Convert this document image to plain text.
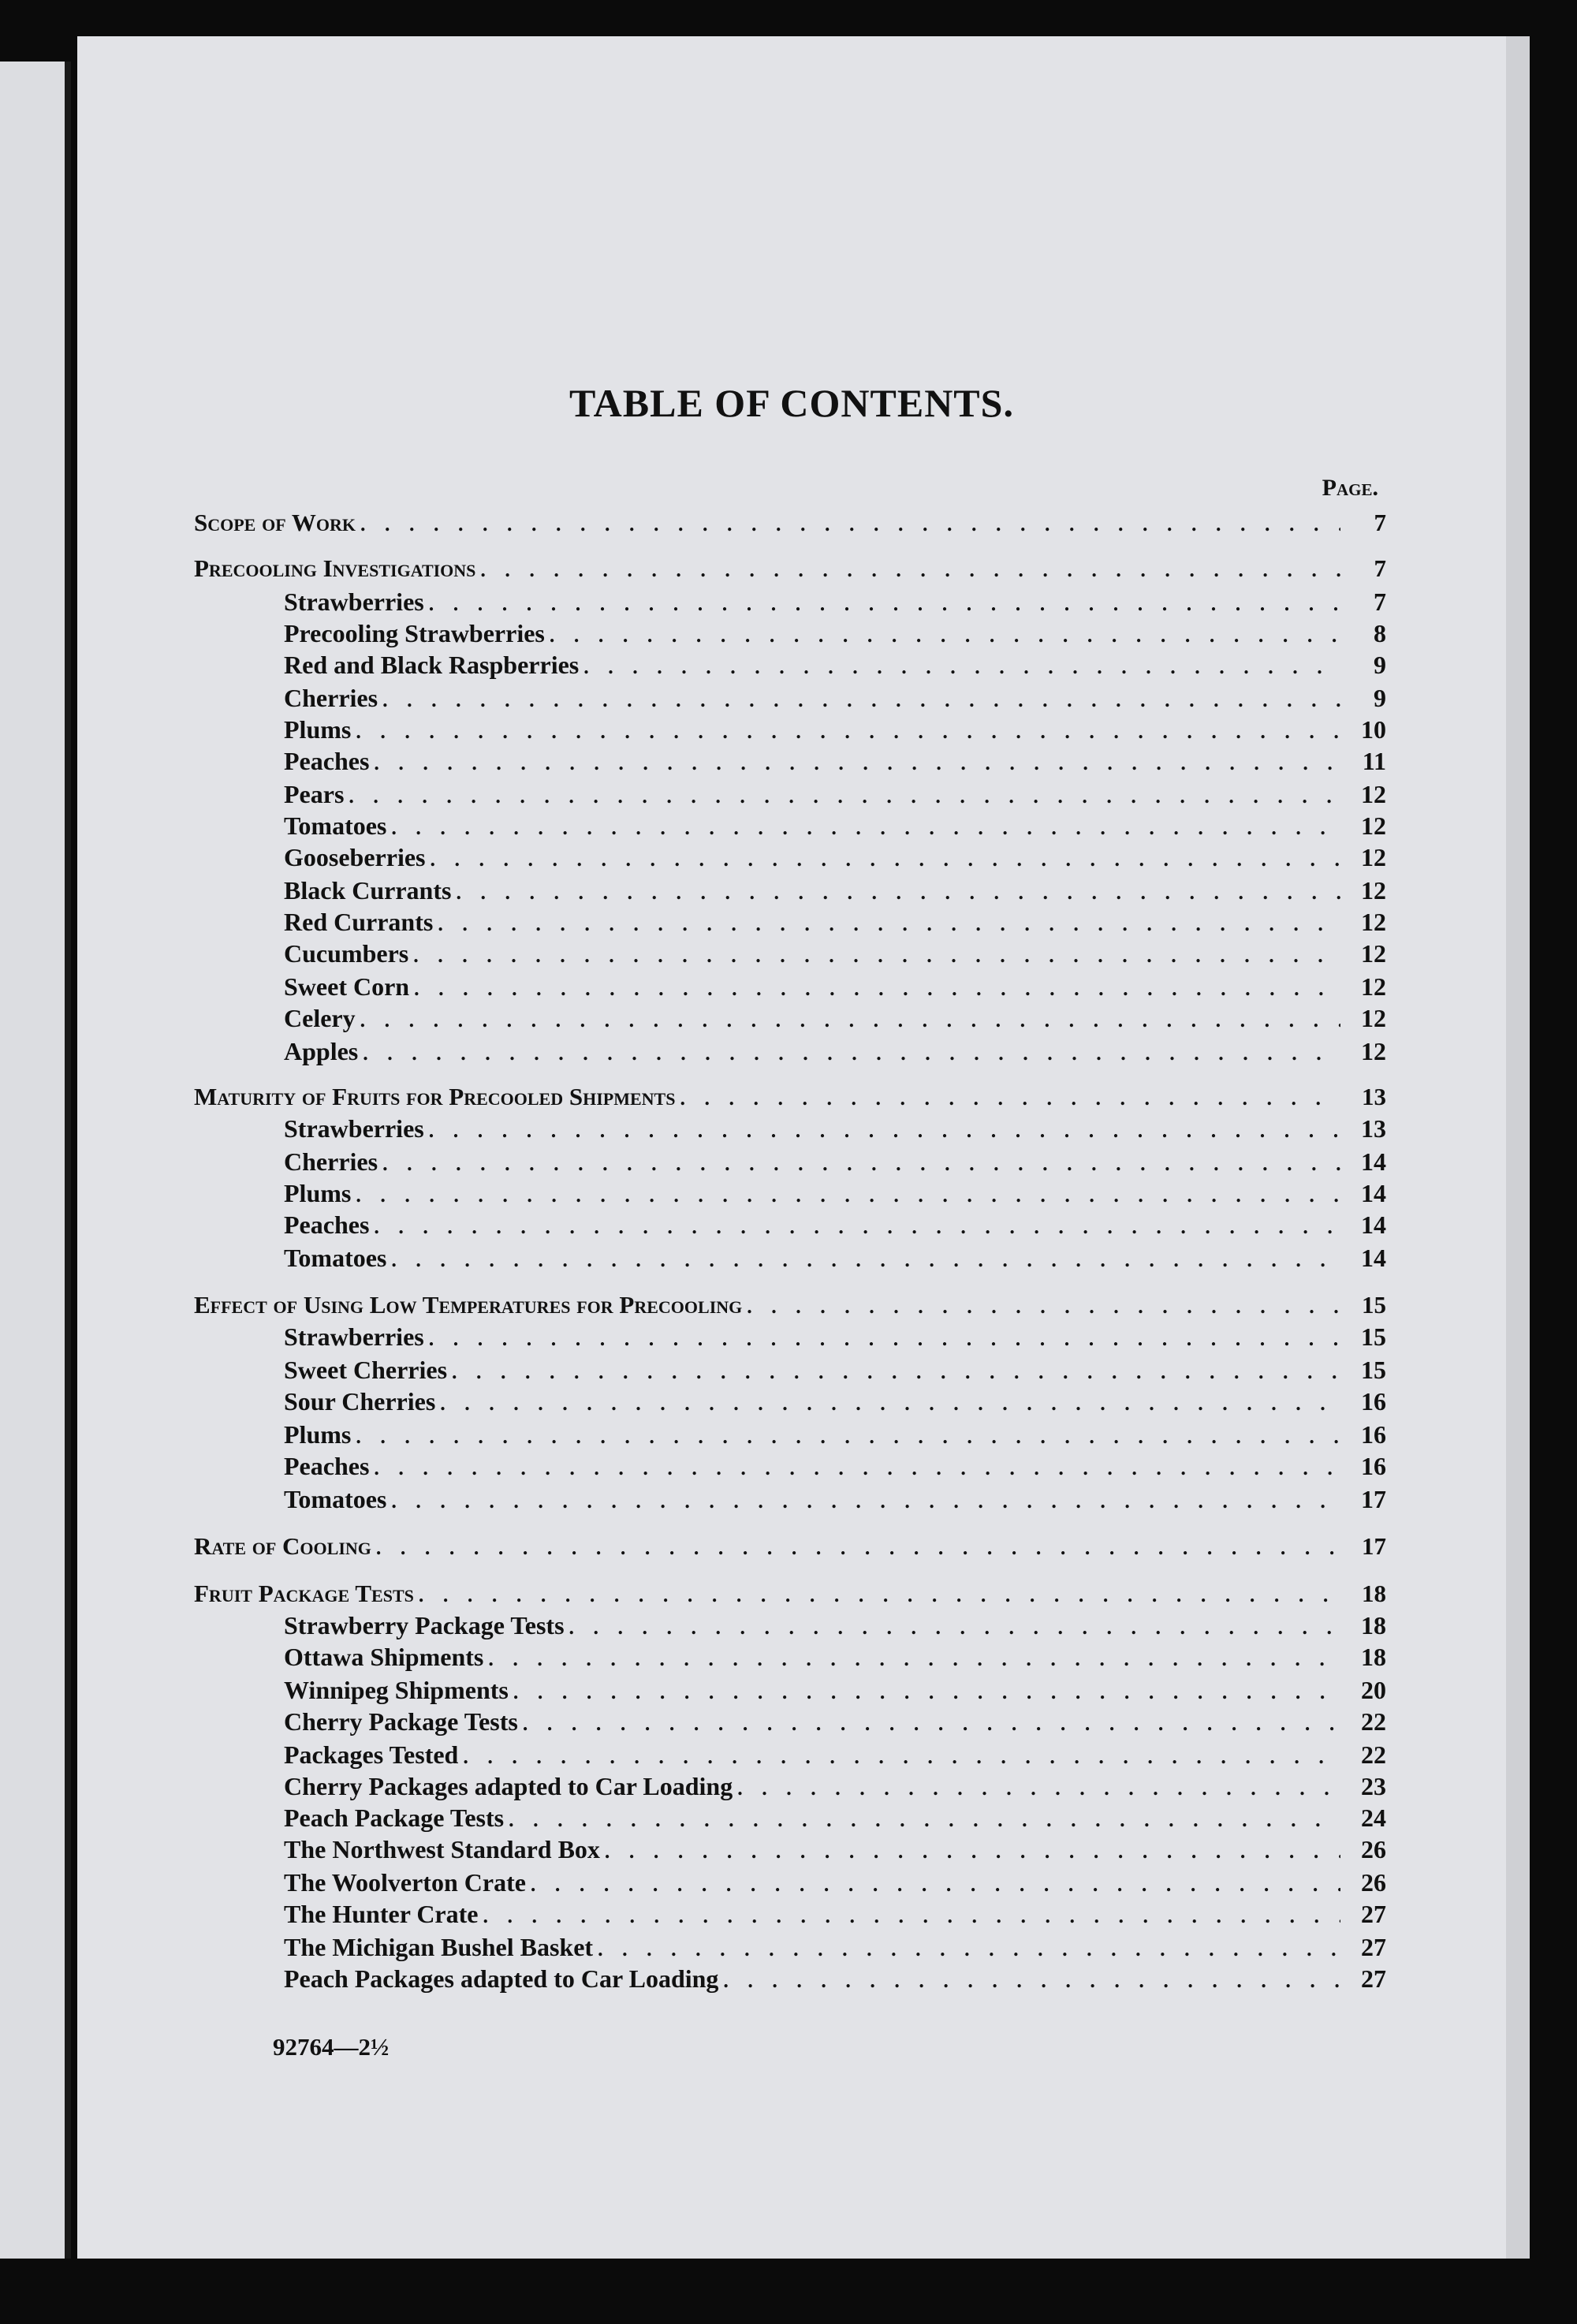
TABLE OF CONTENTS.
Page.
Scope of Work . . .	7
Precooling Investigations . . .	7
Strawberries . . .	7
Precooling Strawberries . . .	8
Red and Black Raspberries . . .	9
Cherries . . .	9
Plums . . .	10
Peaches . . .	11
Pears . . .	12
Tomatoes . . .	12
Gooseberries . . .	12
Black Currants . . .	12
Red Currants . . .	12
Cucumbers . . .	12
Sweet Corn . . .	12
Celery . . .	12
Apples . . .	12
Maturity of Fruits for Precooled Shipments . . .	13
Strawberries . . .	13
Cherries . . .	14
Plums . . .	14
Peaches . . .	14
Tomatoes . . .	14
Effect of Using Low Temperatures for Precooling . . .	15
Strawberries . . .	15
Sweet Cherries . . .	15
Sour Cherries . . .	16
Plums . . .	16
Peaches . . .	16
Tomatoes . . .	17
Rate of Cooling . . .	17
Fruit Package Tests . . .	18
Strawberry Package Tests . . .	18
Ottawa Shipments . . .	18
Winnipeg Shipments . . .	20
Cherry Package Tests . . .	22
Packages Tested . . .	22
Cherry Packages adapted to Car Loading . . .	23
Peach Package Tests . . .	24
The Northwest Standard Box . . .	26
The Woolverton Crate . . .	26
The Hunter Crate . . .	27
The Michigan Bushel Basket . . .	27
Peach Packages adapted to Car Loading . . .	27
92764—2½
